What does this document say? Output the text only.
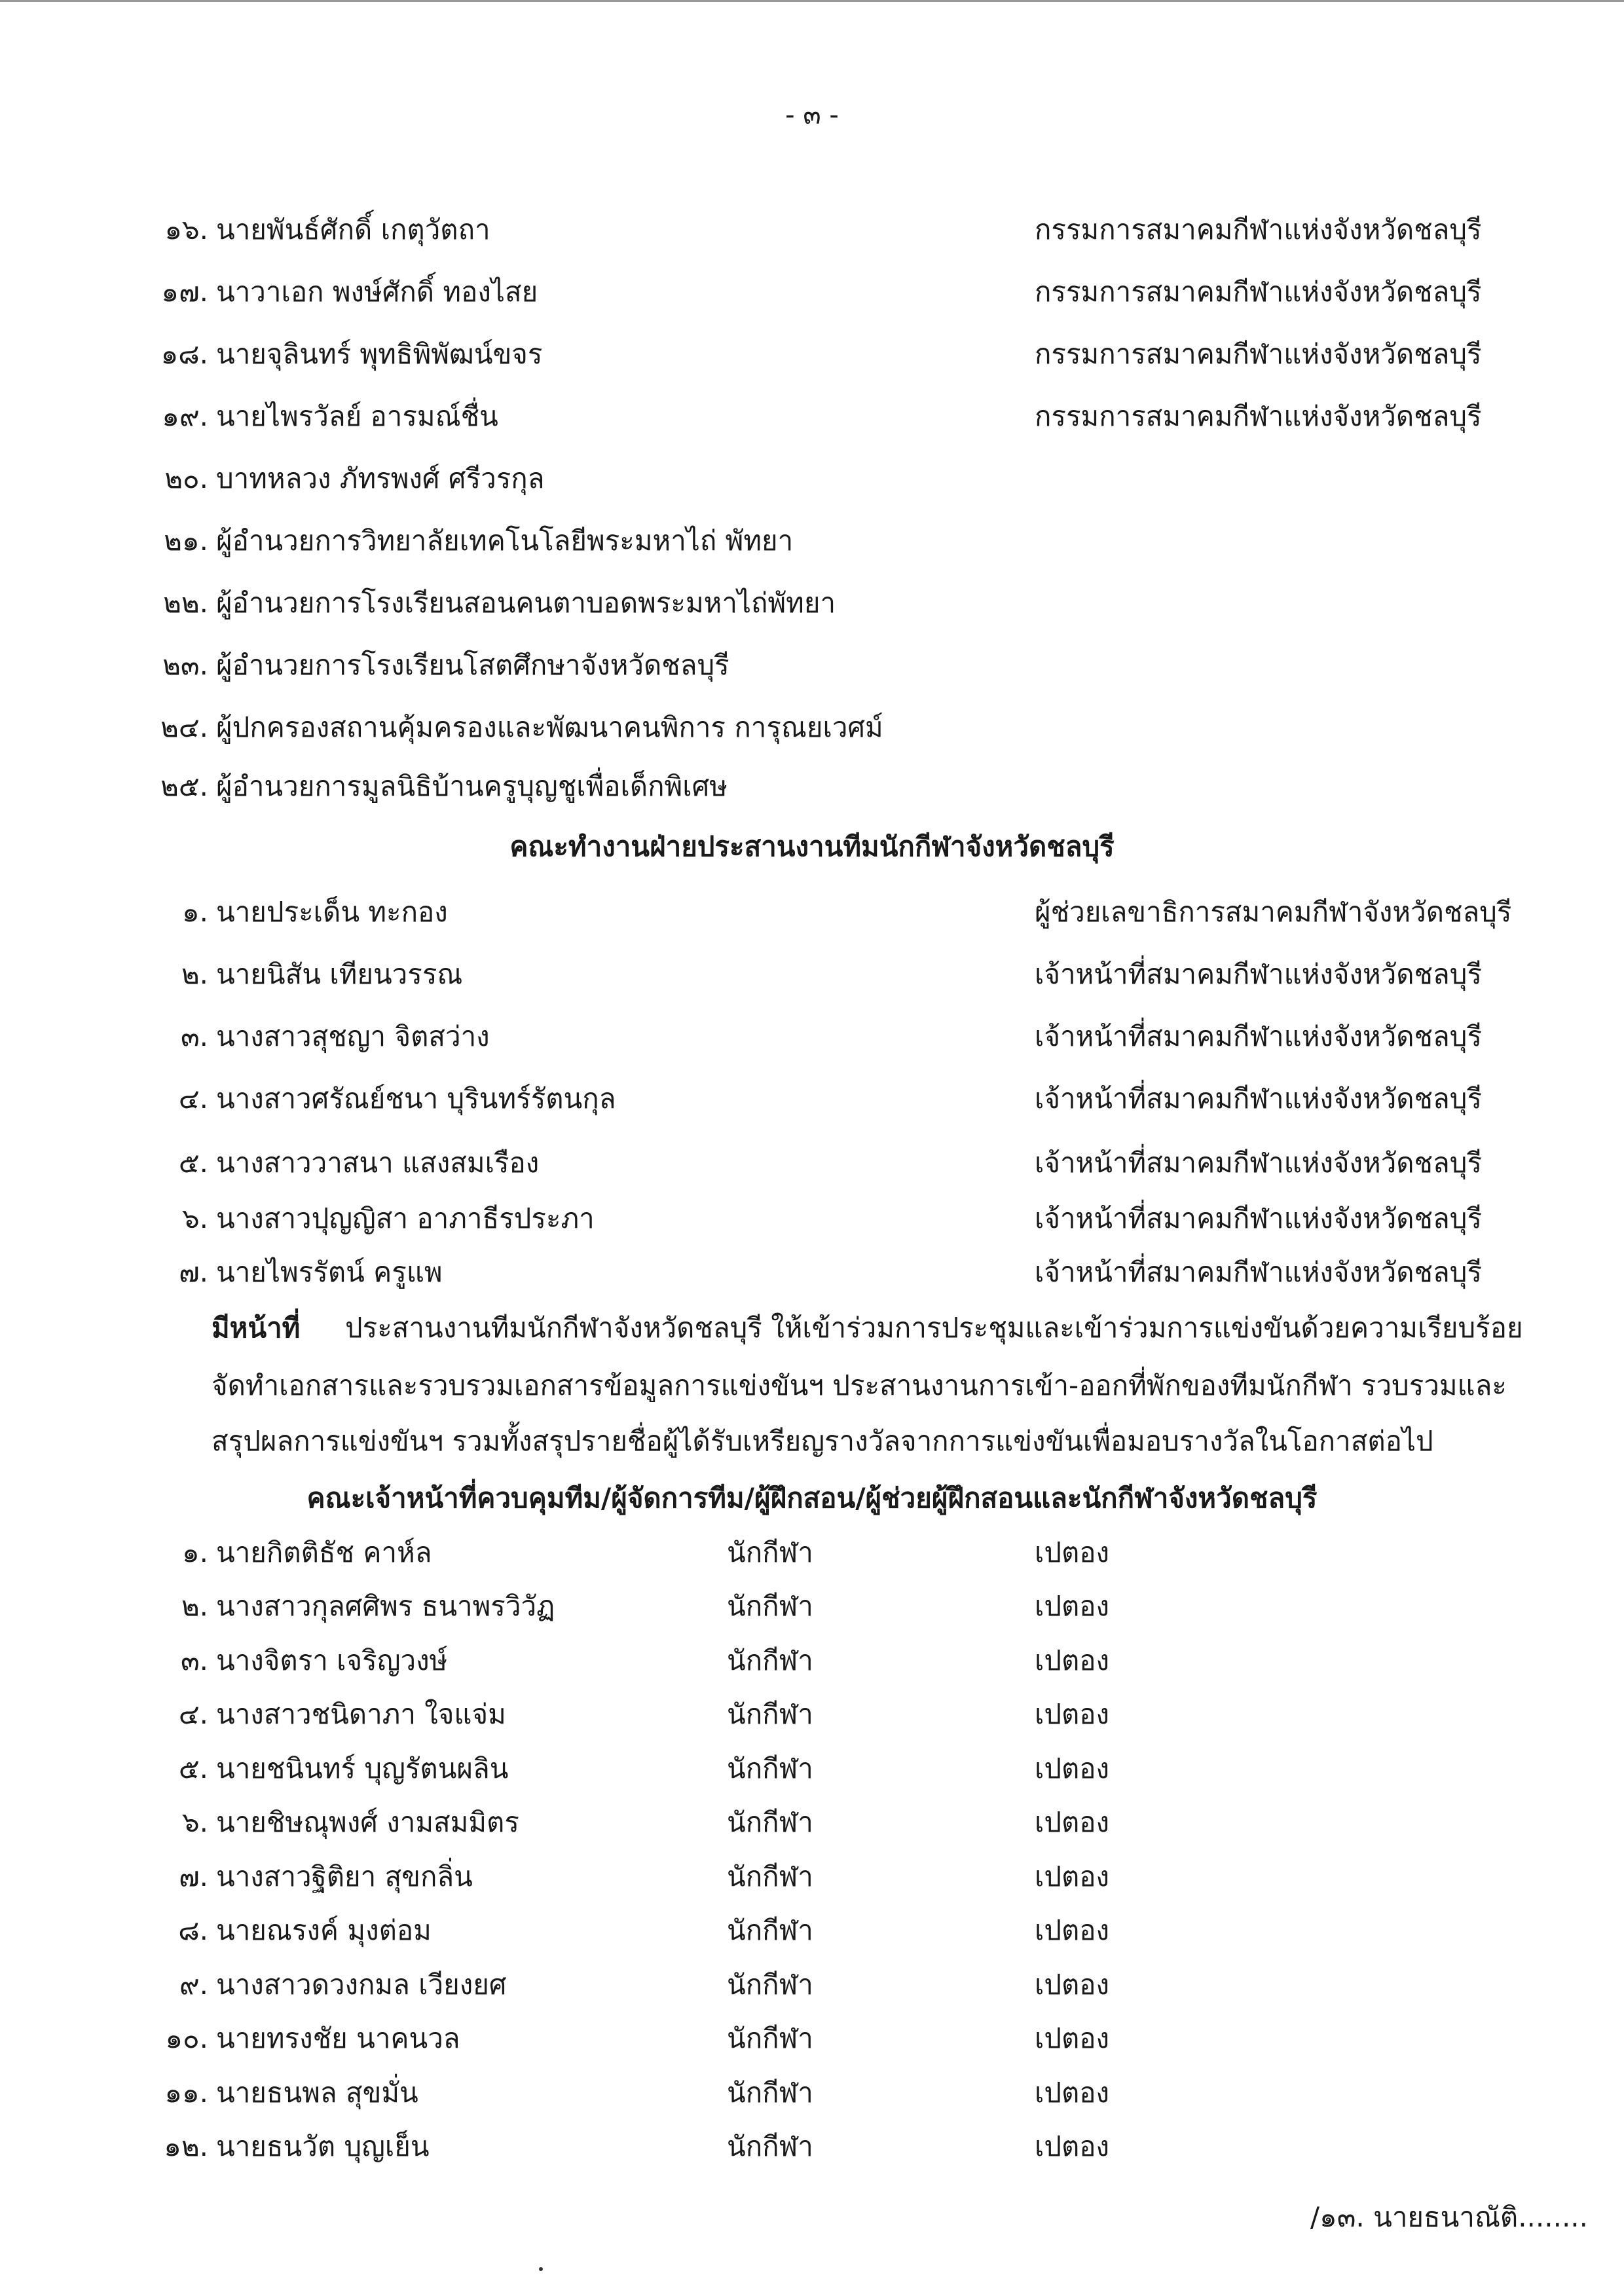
- ๓ -
๑๖. นายพันธ์ศักดิ์ เกตุวัตถา	กรรมการสมาคมกีฬาแห่งจังหวัดชลบุรี
๑๗. นาวาเอก พงษ์ศักดิ์ ทองไสย	กรรมการสมาคมกีฬาแห่งจังหวัดชลบุรี
๑๘. นายจุลินทร์ พุทธิพิพัฒน์ขจร	กรรมการสมาคมกีฬาแห่งจังหวัดชลบุรี
๑๙. นายไพรวัลย์ อารมณ์ชื่น	กรรมการสมาคมกีฬาแห่งจังหวัดชลบุรี
๒๐. บาทหลวง ภัทรพงศ์ ศรีวรกุล
๒๑. ผู้อำนวยการวิทยาลัยเทคโนโลยีพระมหาไถ่ พัทยา
๒๒. ผู้อำนวยการโรงเรียนสอนคนตาบอดพระมหาไถ่พัทยา
๒๓. ผู้อำนวยการโรงเรียนโสตศึกษาจังหวัดชลบุรี
๒๔. ผู้ปกครองสถานคุ้มครองและพัฒนาคนพิการ การุณยเวศม์
๒๕. ผู้อำนวยการมูลนิธิบ้านครูบุญชูเพื่อเด็กพิเศษ
คณะทำงานฝ่ายประสานงานทีมนักกีฬาจังหวัดชลบุรี
๑. นายประเด็น ทะกอง	ผู้ช่วยเลขาธิการสมาคมกีฬาจังหวัดชลบุรี
๒. นายนิสัน เทียนวรรณ	เจ้าหน้าที่สมาคมกีฬาแห่งจังหวัดชลบุรี
๓. นางสาวสุชญา จิตสว่าง	เจ้าหน้าที่สมาคมกีฬาแห่งจังหวัดชลบุรี
๔. นางสาวศรัณย์ชนา บุรินทร์รัตนกุล	เจ้าหน้าที่สมาคมกีฬาแห่งจังหวัดชลบุรี
๕. นางสาววาสนา แสงสมเรือง	เจ้าหน้าที่สมาคมกีฬาแห่งจังหวัดชลบุรี
๖. นางสาวปุญญิสา อาภาธีรประภา	เจ้าหน้าที่สมาคมกีฬาแห่งจังหวัดชลบุรี
๗. นายไพรรัตน์ ครูแพ	เจ้าหน้าที่สมาคมกีฬาแห่งจังหวัดชลบุรี
มีหน้าที่ ประสานงานทีมนักกีฬาจังหวัดชลบุรี ให้เข้าร่วมการประชุมและเข้าร่วมการแข่งขันด้วยความเรียบร้อย
จัดทำเอกสารและรวบรวมเอกสารข้อมูลการแข่งขันฯ ประสานงานการเข้า-ออกที่พักของทีมนักกีฬา รวบรวมและ
สรุปผลการแข่งขันฯ รวมทั้งสรุปรายชื่อผู้ได้รับเหรียญรางวัลจากการแข่งขันเพื่อมอบรางวัลในโอกาสต่อไป
คณะเจ้าหน้าที่ควบคุมทีม/ผู้จัดการทีม/ผู้ฝึกสอน/ผู้ช่วยผู้ฝึกสอนและนักกีฬาจังหวัดชลบุรี
๑. นายกิตติธัช คาห์ล	นักกีฬา	เปตอง
๒. นางสาวกุลศศิพร ธนาพรวิวัฏ	นักกีฬา	เปตอง
๓. นางจิตรา เจริญวงษ์	นักกีฬา	เปตอง
๔. นางสาวชนิดาภา ใจแจ่ม	นักกีฬา	เปตอง
๕. นายชนินทร์ บุญรัตนผลิน	นักกีฬา	เปตอง
๖. นายชิษณุพงศ์ งามสมมิตร	นักกีฬา	เปตอง
๗. นางสาวฐิติยา สุขกลิ่น	นักกีฬา	เปตอง
๘. นายณรงค์ มุงต่อม	นักกีฬา	เปตอง
๙. นางสาวดวงกมล เวียงยศ	นักกีฬา	เปตอง
๑๐. นายทรงชัย นาคนวล	นักกีฬา	เปตอง
๑๑. นายธนพล สุขมั่น	นักกีฬา	เปตอง
๑๒. นายธนวัต บุญเย็น	นักกีฬา	เปตอง
/๑๓. นายธนาณัติ........
